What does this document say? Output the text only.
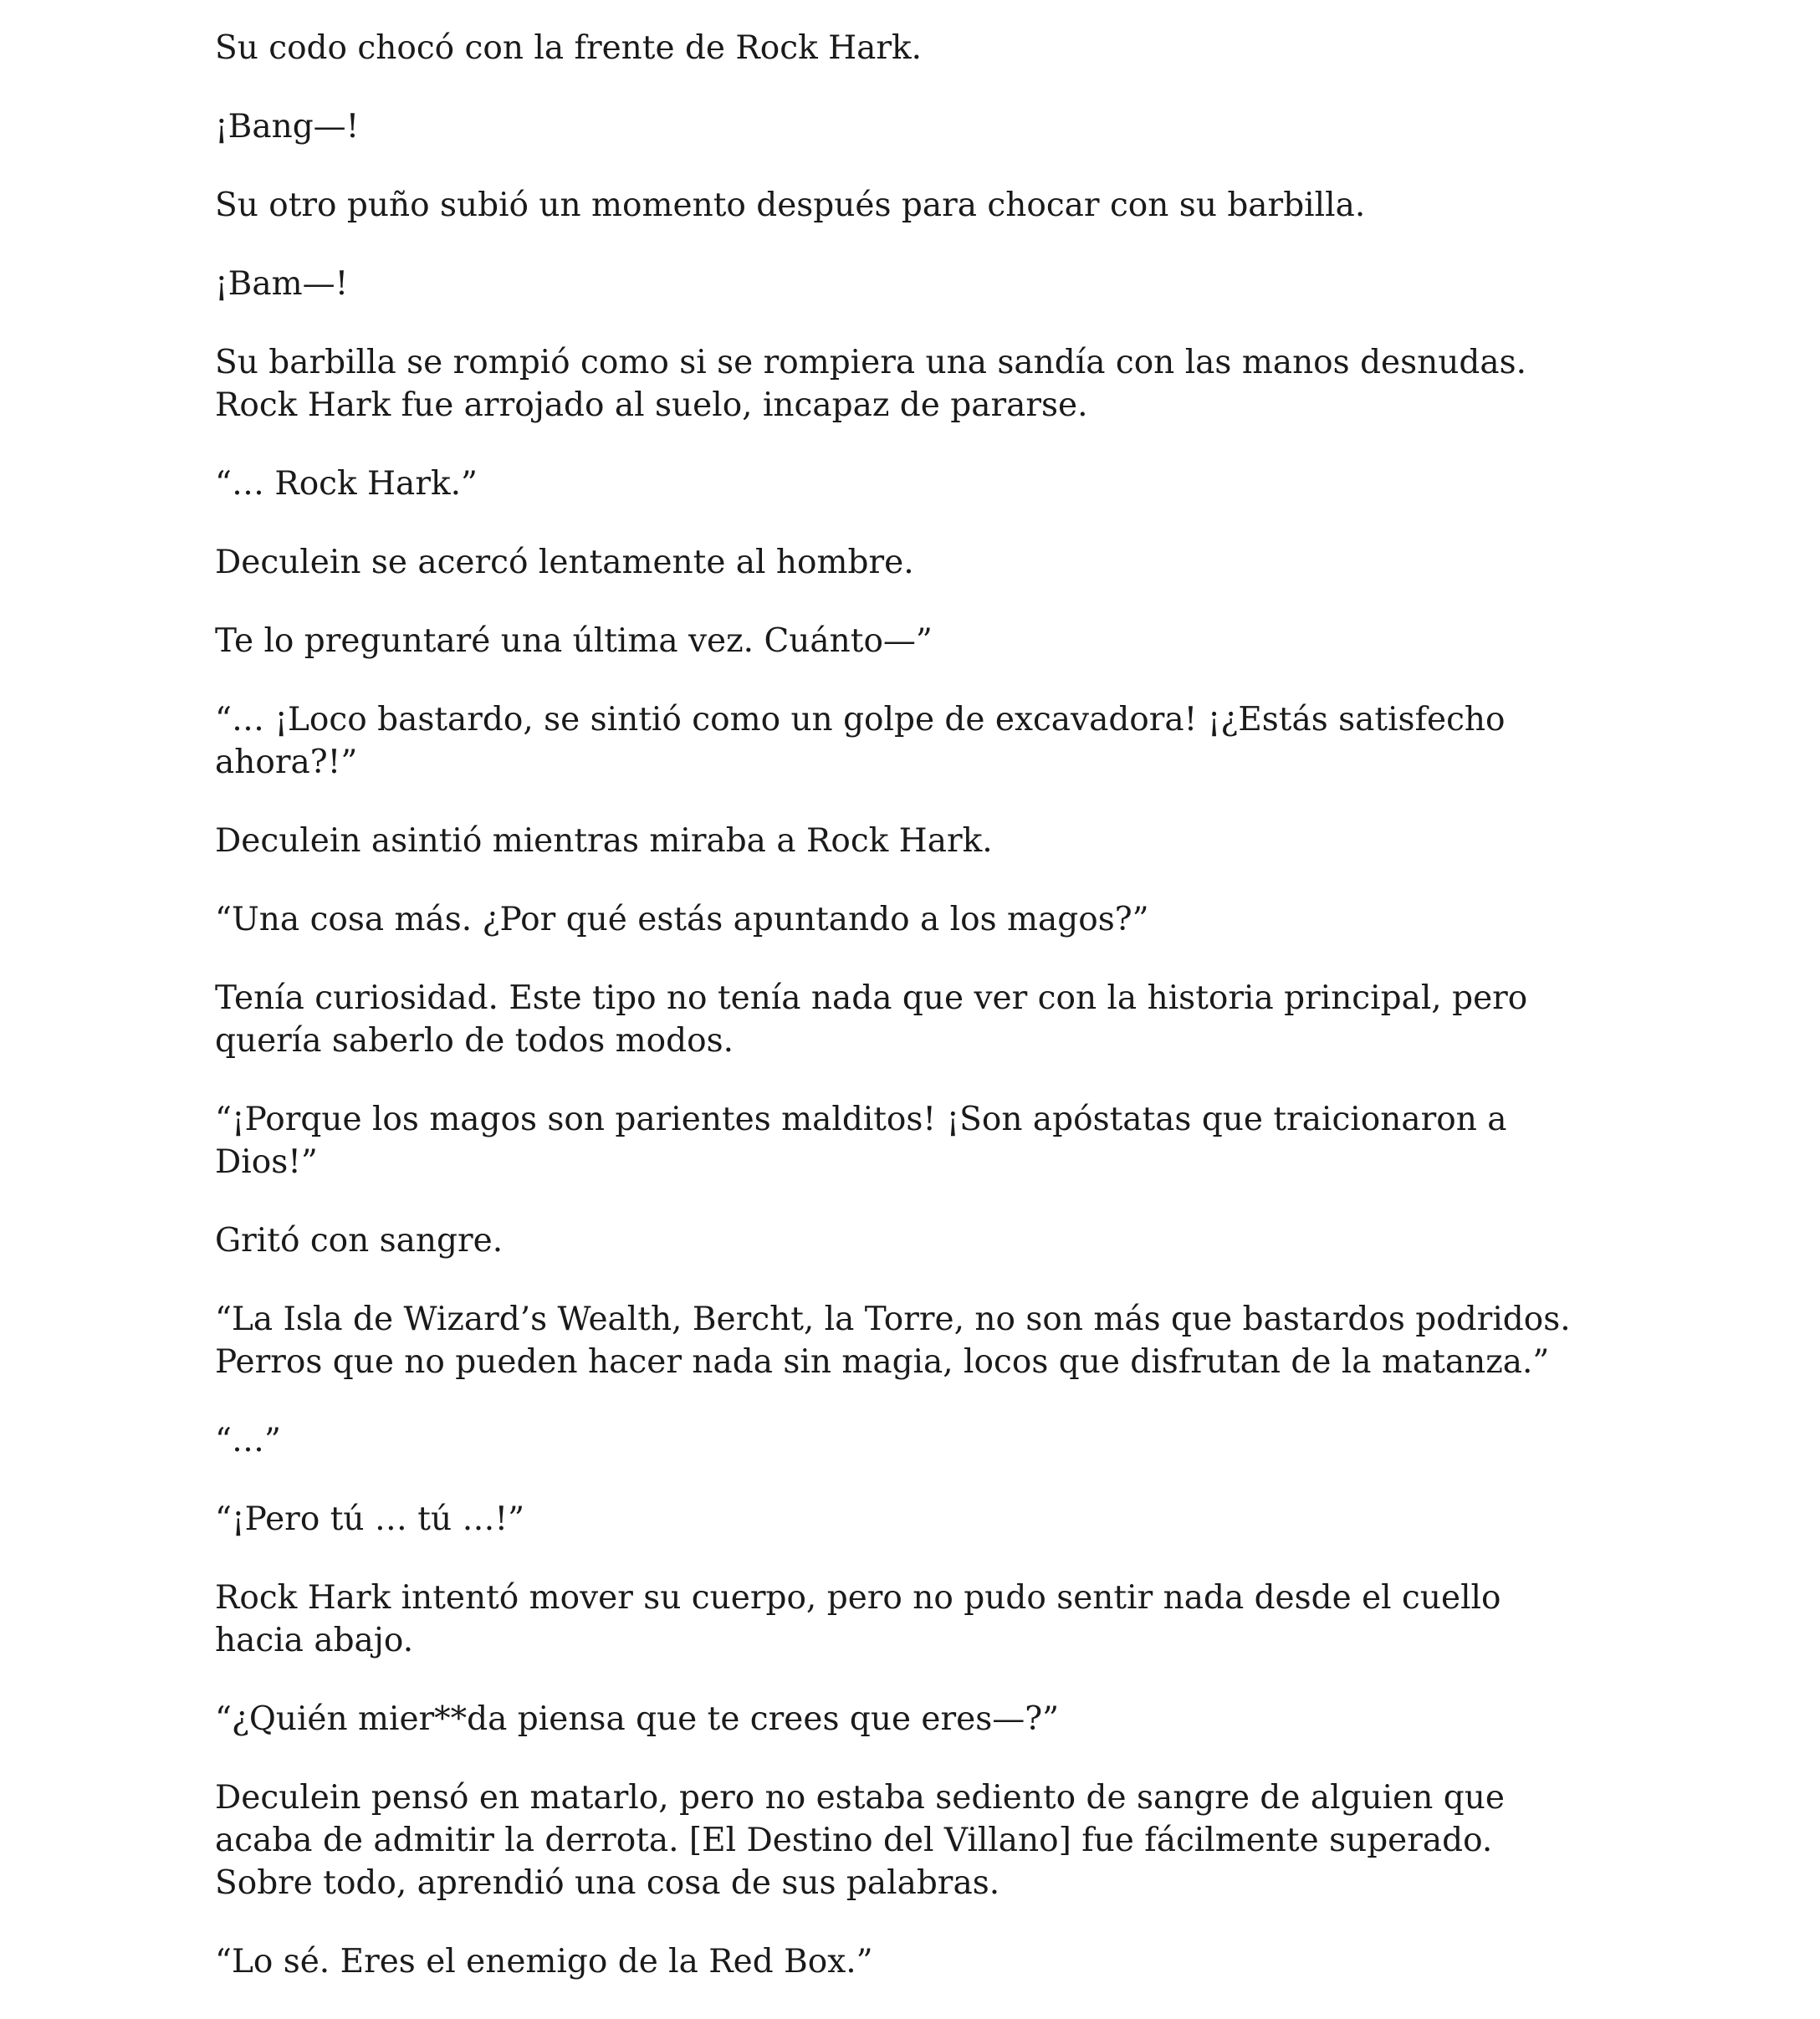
Su codo chocó con la frente de Rock Hark.

¡Bang—!

Su otro puño subió un momento después para chocar con su barbilla.

¡Bam—!

Su barbilla se rompió como si se rompiera una sandía con las manos desnudas. Rock Hark fue arrojado al suelo, incapaz de pararse.

“… Rock Hark.”

Deculein se acercó lentamente al hombre.

Te lo preguntaré una última vez. Cuánto—”

“… ¡Loco bastardo, se sintió como un golpe de excavadora! ¡¿Estás satisfecho ahora?!”

Deculein asintió mientras miraba a Rock Hark.

“Una cosa más. ¿Por qué estás apuntando a los magos?”

Tenía curiosidad. Este tipo no tenía nada que ver con la historia principal, pero quería saberlo de todos modos.

“¡Porque los magos son parientes malditos! ¡Son apóstatas que traicionaron a Dios!”

Gritó con sangre.

“La Isla de Wizard’s Wealth, Bercht, la Torre, no son más que bastardos podridos. Perros que no pueden hacer nada sin magia, locos que disfrutan de la matanza.”

“…”

“¡Pero tú … tú …!”

Rock Hark intentó mover su cuerpo, pero no pudo sentir nada desde el cuello hacia abajo.

“¿Quién mier**da piensa que te crees que eres—?”

Deculein pensó en matarlo, pero no estaba sediento de sangre de alguien que acaba de admitir la derrota. [El Destino del Villano] fue fácilmente superado. Sobre todo, aprendió una cosa de sus palabras.

“Lo sé. Eres el enemigo de la Red Box.”
